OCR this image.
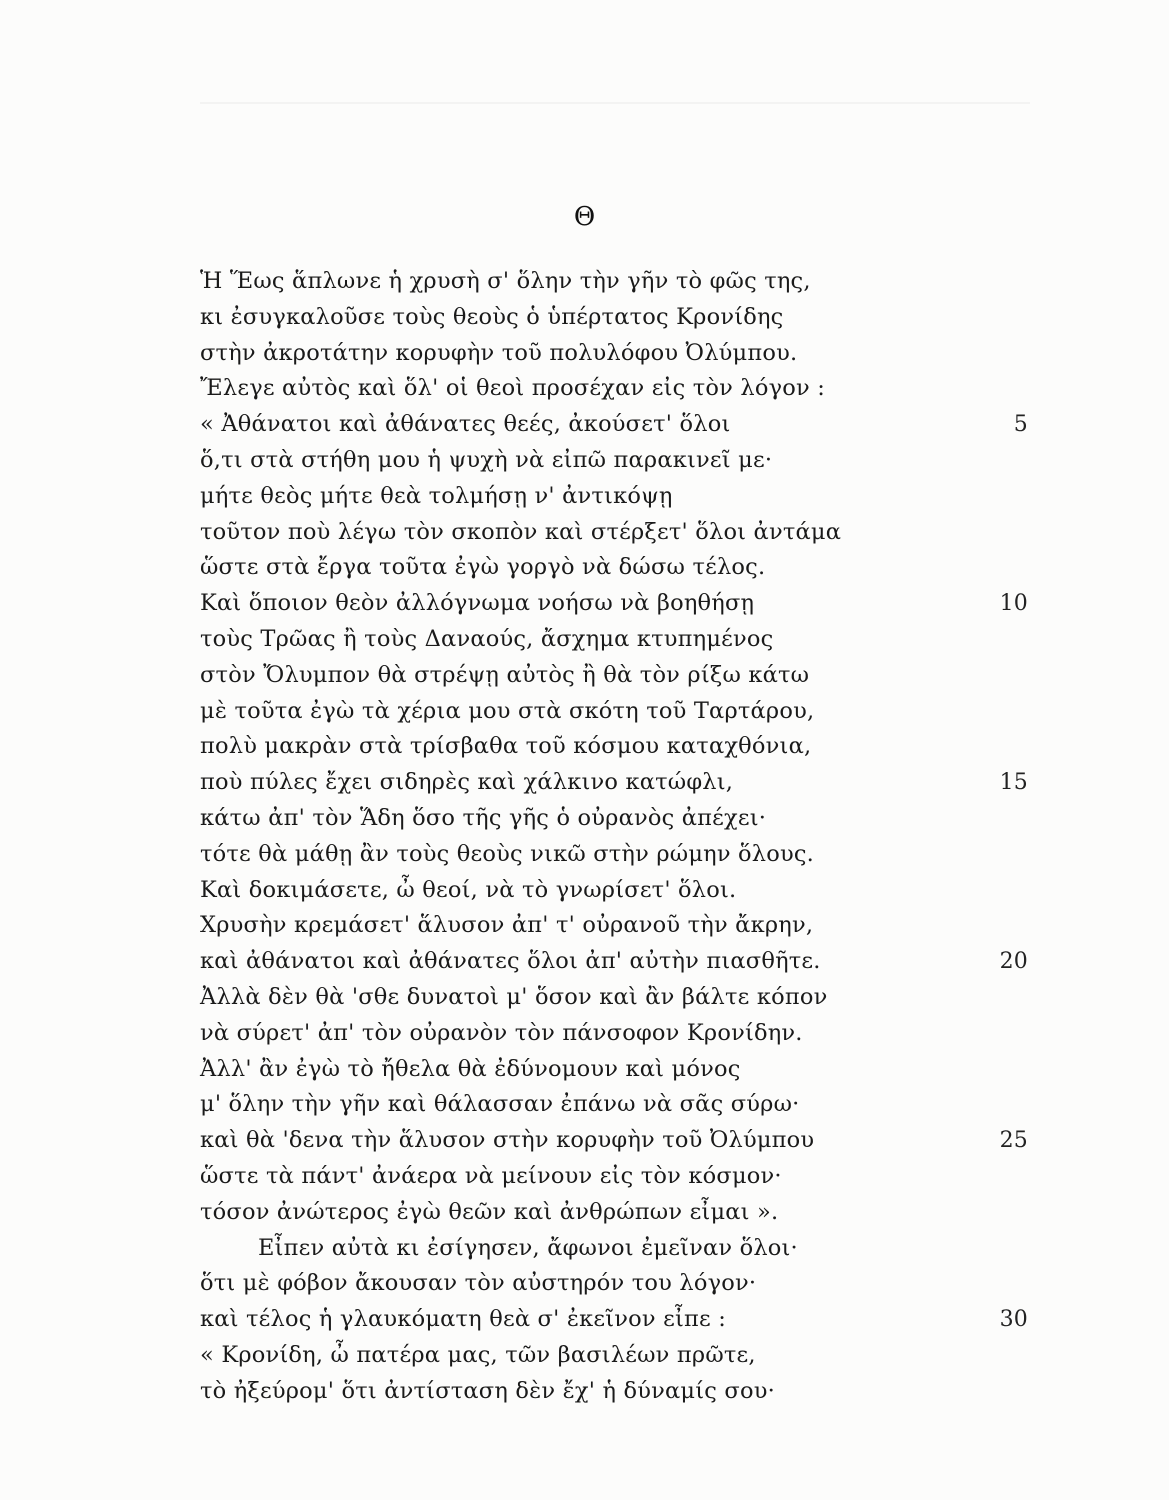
Θ
Ἡ Ἕως ἅπλωνε ἡ χρυσὴ σ' ὅλην τὴν γῆν τὸ φῶς της,
κι ἐσυγκαλοῦσε τοὺς θεοὺς ὁ ὑπέρτατος Κρονίδης
στὴν ἀκροτάτην κορυφὴν τοῦ πολυλόφου Ὀλύμπου.
Ἔλεγε αὐτὸς καὶ ὅλ' οἱ θεοὶ προσέχαν εἰς τὸν λόγον :
« Ἀθάνατοι καὶ ἀθάνατες θεές, ἀκούσετ' ὅλοι	5
ὅ,τι στὰ στήθη μου ἡ ψυχὴ νὰ εἰπῶ παρακινεῖ με·
μήτε θεὸς μήτε θεὰ τολμήσῃ ν' ἀντικόψῃ
τοῦτον ποὺ λέγω τὸν σκοπὸν καὶ στέρξετ' ὅλοι ἀντάμα
ὥστε στὰ ἔργα τοῦτα ἐγὼ γοργὸ νὰ δώσω τέλος.
Καὶ ὅποιον θεὸν ἀλλόγνωμα νοήσω νὰ βοηθήσῃ	10
τοὺς Τρῶας ἢ τοὺς Δαναούς, ἄσχημα κτυπημένος
στὸν Ὄλυμπον θὰ στρέψῃ αὐτὸς ἢ θὰ τὸν ρίξω κάτω
μὲ τοῦτα ἐγὼ τὰ χέρια μου στὰ σκότη τοῦ Ταρτάρου,
πολὺ μακρὰν στὰ τρίσβαθα τοῦ κόσμου καταχθόνια,
ποὺ πύλες ἔχει σιδηρὲς καὶ χάλκινο κατώφλι,	15
κάτω ἀπ' τὸν Ἅδη ὅσο τῆς γῆς ὁ οὐρανὸς ἀπέχει·
τότε θὰ μάθῃ ἂν τοὺς θεοὺς νικῶ στὴν ρώμην ὅλους.
Καὶ δοκιμάσετε, ὦ θεοί, νὰ τὸ γνωρίσετ' ὅλοι.
Χρυσὴν κρεμάσετ' ἅλυσον ἀπ' τ' οὐρανοῦ τὴν ἄκρην,
καὶ ἀθάνατοι καὶ ἀθάνατες ὅλοι ἀπ' αὐτὴν πιασθῆτε.	20
Ἀλλὰ δὲν θὰ 'σθε δυνατοὶ μ' ὅσον καὶ ἂν βάλτε κόπον
νὰ σύρετ' ἀπ' τὸν οὐρανὸν τὸν πάνσοφον Κρονίδην.
Ἀλλ' ἂν ἐγὼ τὸ ἤθελα θὰ ἐδύνομουν καὶ μόνος
μ' ὅλην τὴν γῆν καὶ θάλασσαν ἐπάνω νὰ σᾶς σύρω·
καὶ θὰ 'δενα τὴν ἅλυσον στὴν κορυφὴν τοῦ Ὀλύμπου	25
ὥστε τὰ πάντ' ἀνάερα νὰ μείνουν εἰς τὸν κόσμον·
τόσον ἀνώτερος ἐγὼ θεῶν καὶ ἀνθρώπων εἶμαι ».
Εἶπεν αὐτὰ κι ἐσίγησεν, ἄφωνοι ἐμεῖναν ὅλοι·
ὅτι μὲ φόβον ἄκουσαν τὸν αὐστηρόν του λόγον·
καὶ τέλος ἡ γλαυκόματη θεὰ σ' ἐκεῖνον εἶπε :	30
« Κρονίδη, ὦ πατέρα μας, τῶν βασιλέων πρῶτε,
τὸ ἠξεύρομ' ὅτι ἀντίσταση δὲν ἔχ' ἡ δύναμίς σου·
